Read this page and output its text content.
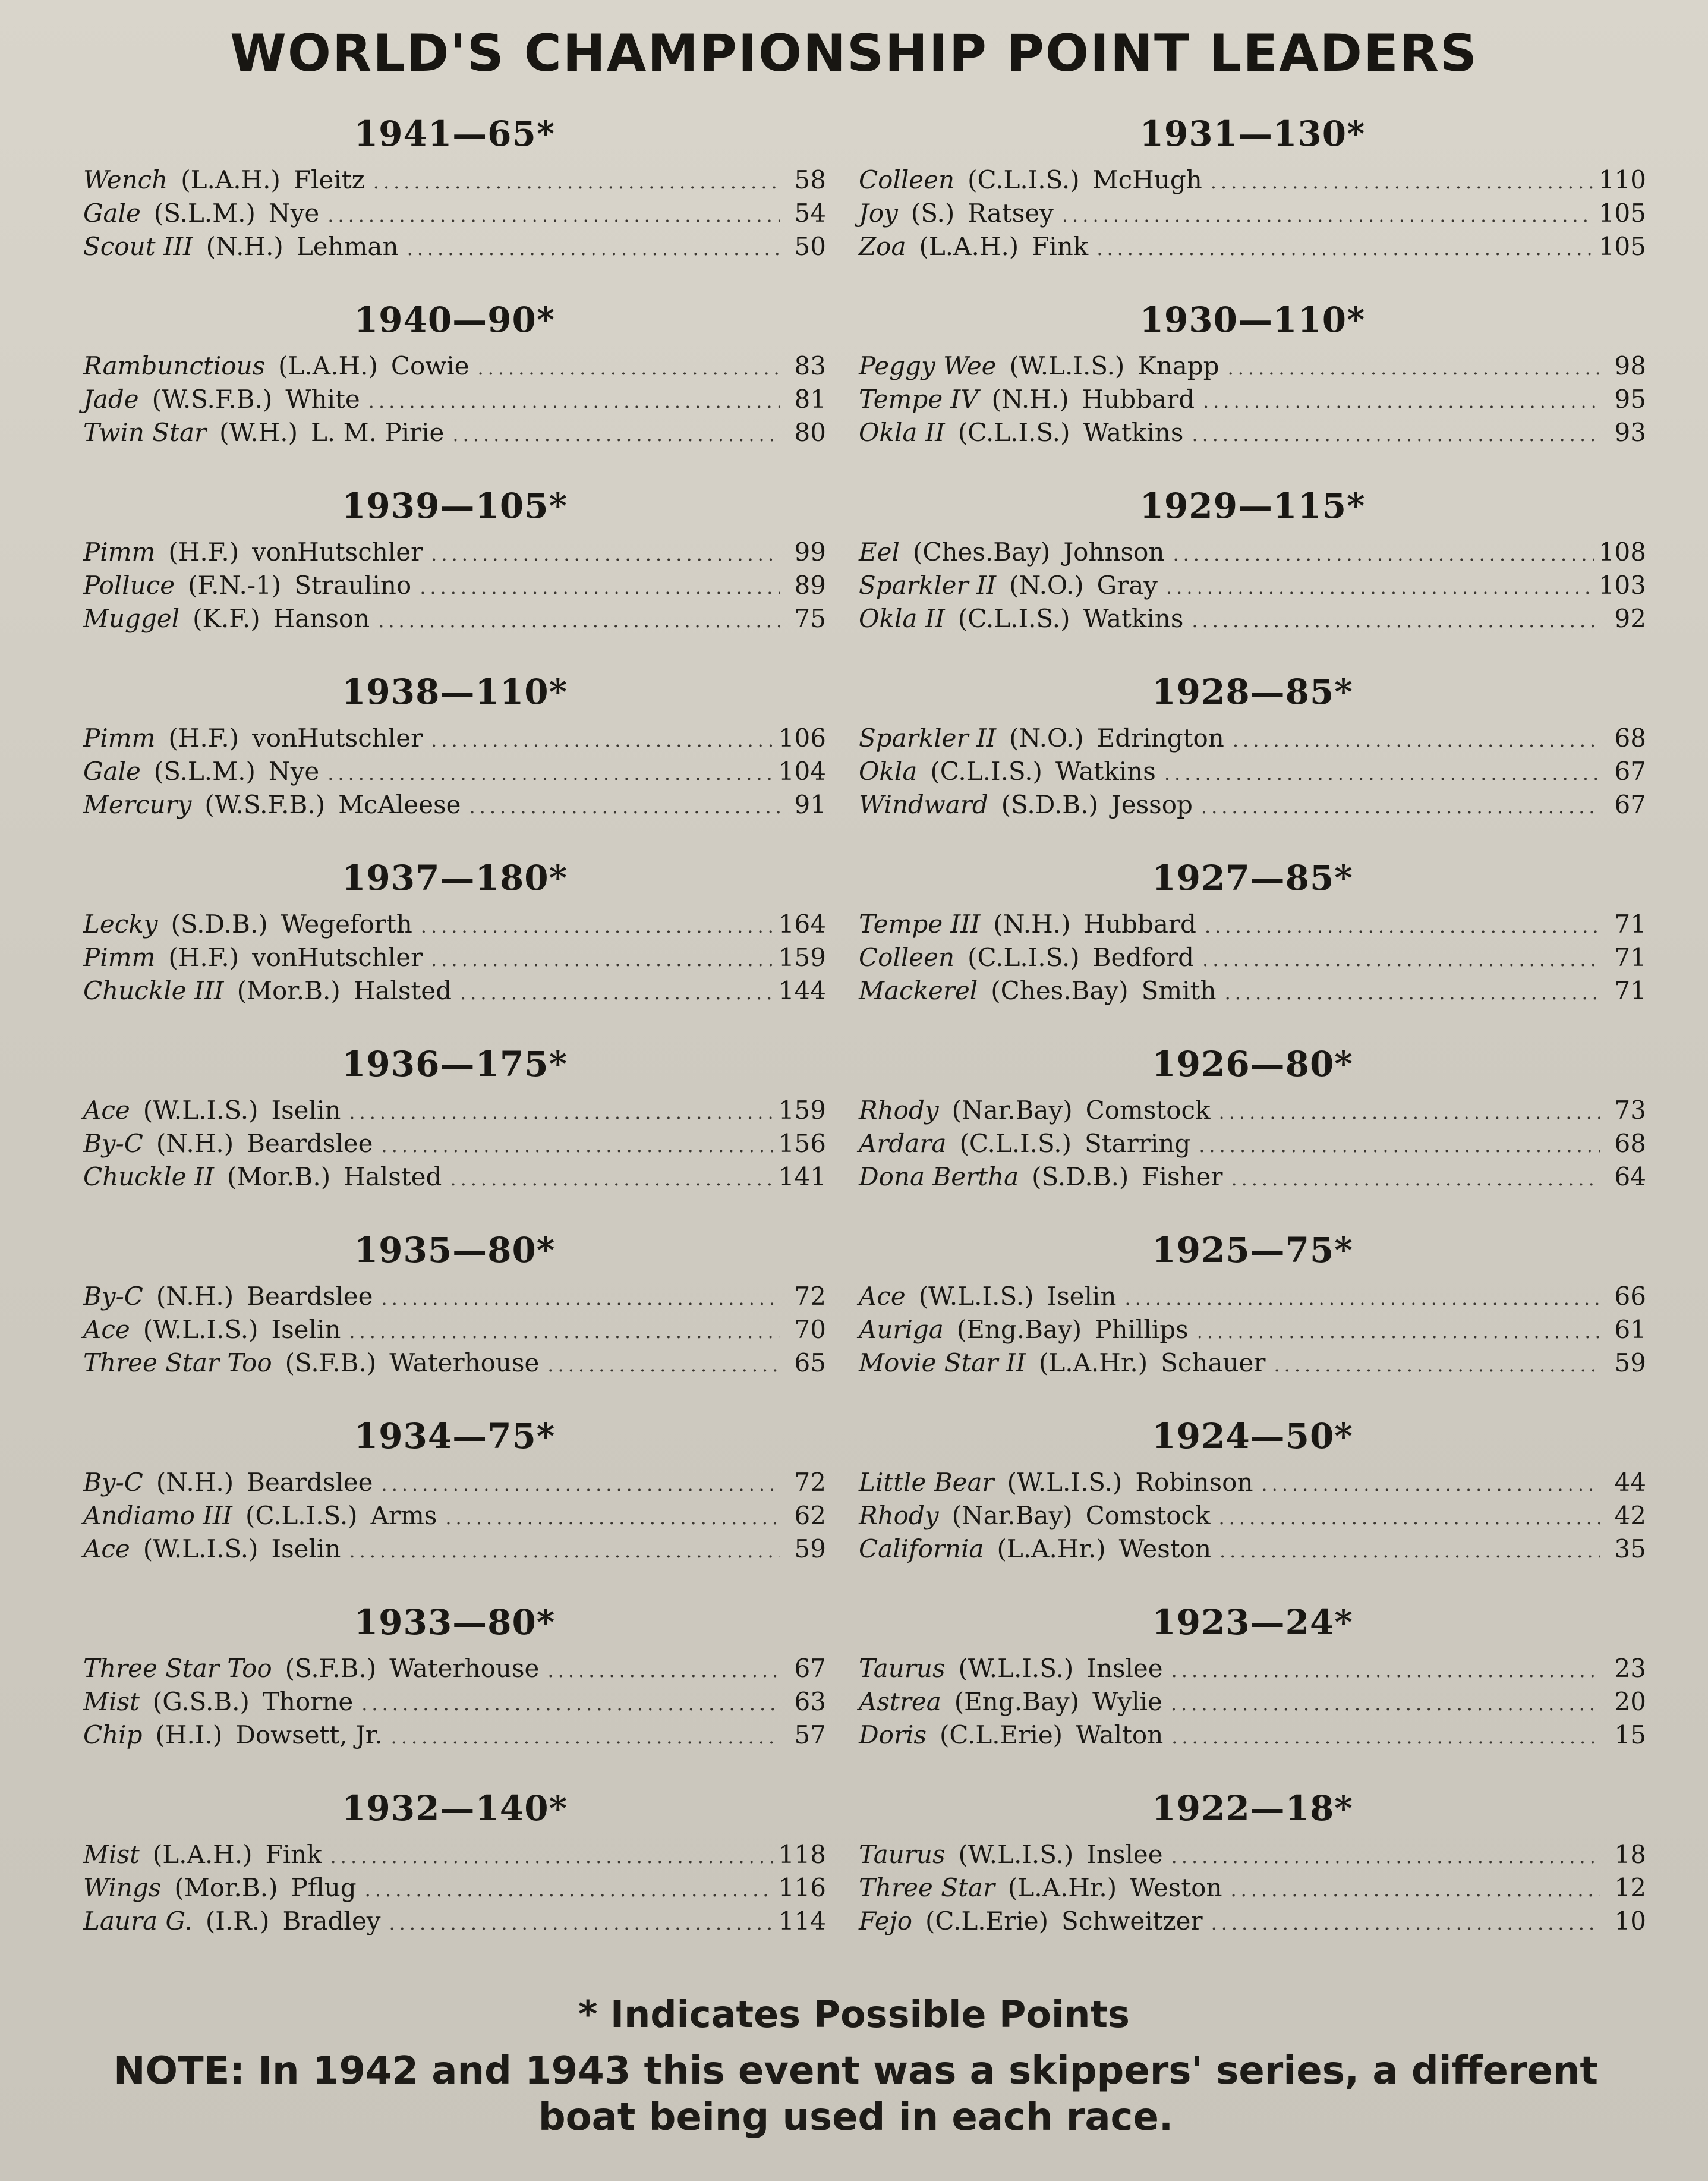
WORLD'S CHAMPIONSHIP POINT LEADERS
1941—65*
Wench (L.A.H.) Fleitz .....	58
Gale (S.L.M.) Nye .....	54
Scout III (N.H.) Lehman .....	50
1940—90*
Rambunctious (L.A.H.) Cowie .....	83
Jade (W.S.F.B.) White .....	81
Twin Star (W.H.) L. M. Pirie .....	80
1939—105*
Pimm (H.F.) vonHutschler .....	99
Polluce (F.N.-1) Straulino .....	89
Muggel (K.F.) Hanson .....	75
1938—110*
Pimm (H.F.) vonHutschler .....	106
Gale (S.L.M.) Nye .....	104
Mercury (W.S.F.B.) McAleese .....	91
1937—180*
Lecky (S.D.B.) Wegeforth .....	164
Pimm (H.F.) vonHutschler .....	159
Chuckle III (Mor.B.) Halsted .....	144
1936—175*
Ace (W.L.I.S.) Iselin .....	159
By-C (N.H.) Beardslee .....	156
Chuckle II (Mor.B.) Halsted .....	141
1935—80*
By-C (N.H.) Beardslee .....	72
Ace (W.L.I.S.) Iselin .....	70
Three Star Too (S.F.B.) Waterhouse .....	65
1934—75*
By-C (N.H.) Beardslee .....	72
Andiamo III (C.L.I.S.) Arms .....	62
Ace (W.L.I.S.) Iselin .....	59
1933—80*
Three Star Too (S.F.B.) Waterhouse .....	67
Mist (G.S.B.) Thorne .....	63
Chip (H.I.) Dowsett, Jr. .....	57
1932—140*
Mist (L.A.H.) Fink .....	118
Wings (Mor.B.) Pflug .....	116
Laura G. (I.R.) Bradley .....	114
1931—130*
Colleen (C.L.I.S.) McHugh .....	110
Joy (S.) Ratsey .....	105
Zoa (L.A.H.) Fink .....	105
1930—110*
Peggy Wee (W.L.I.S.) Knapp .....	98
Tempe IV (N.H.) Hubbard .....	95
Okla II (C.L.I.S.) Watkins .....	93
1929—115*
Eel (Ches.Bay) Johnson .....	108
Sparkler II (N.O.) Gray .....	103
Okla II (C.L.I.S.) Watkins .....	92
1928—85*
Sparkler II (N.O.) Edrington .....	68
Okla (C.L.I.S.) Watkins .....	67
Windward (S.D.B.) Jessop .....	67
1927—85*
Tempe III (N.H.) Hubbard .....	71
Colleen (C.L.I.S.) Bedford .....	71
Mackerel (Ches.Bay) Smith .....	71
1926—80*
Rhody (Nar.Bay) Comstock .....	73
Ardara (C.L.I.S.) Starring .....	68
Dona Bertha (S.D.B.) Fisher .....	64
1925—75*
Ace (W.L.I.S.) Iselin .....	66
Auriga (Eng.Bay) Phillips .....	61
Movie Star II (L.A.Hr.) Schauer .....	59
1924—50*
Little Bear (W.L.I.S.) Robinson .....	44
Rhody (Nar.Bay) Comstock .....	42
California (L.A.Hr.) Weston .....	35
1923—24*
Taurus (W.L.I.S.) Inslee .....	23
Astrea (Eng.Bay) Wylie .....	20
Doris (C.L.Erie) Walton .....	15
1922—18*
Taurus (W.L.I.S.) Inslee .....	18
Three Star (L.A.Hr.) Weston .....	12
Fejo (C.L.Erie) Schweitzer .....	10

* Indicates Possible Points

NOTE: In 1942 and 1943 this event was a skippers' series, a different boat being used in each race.
